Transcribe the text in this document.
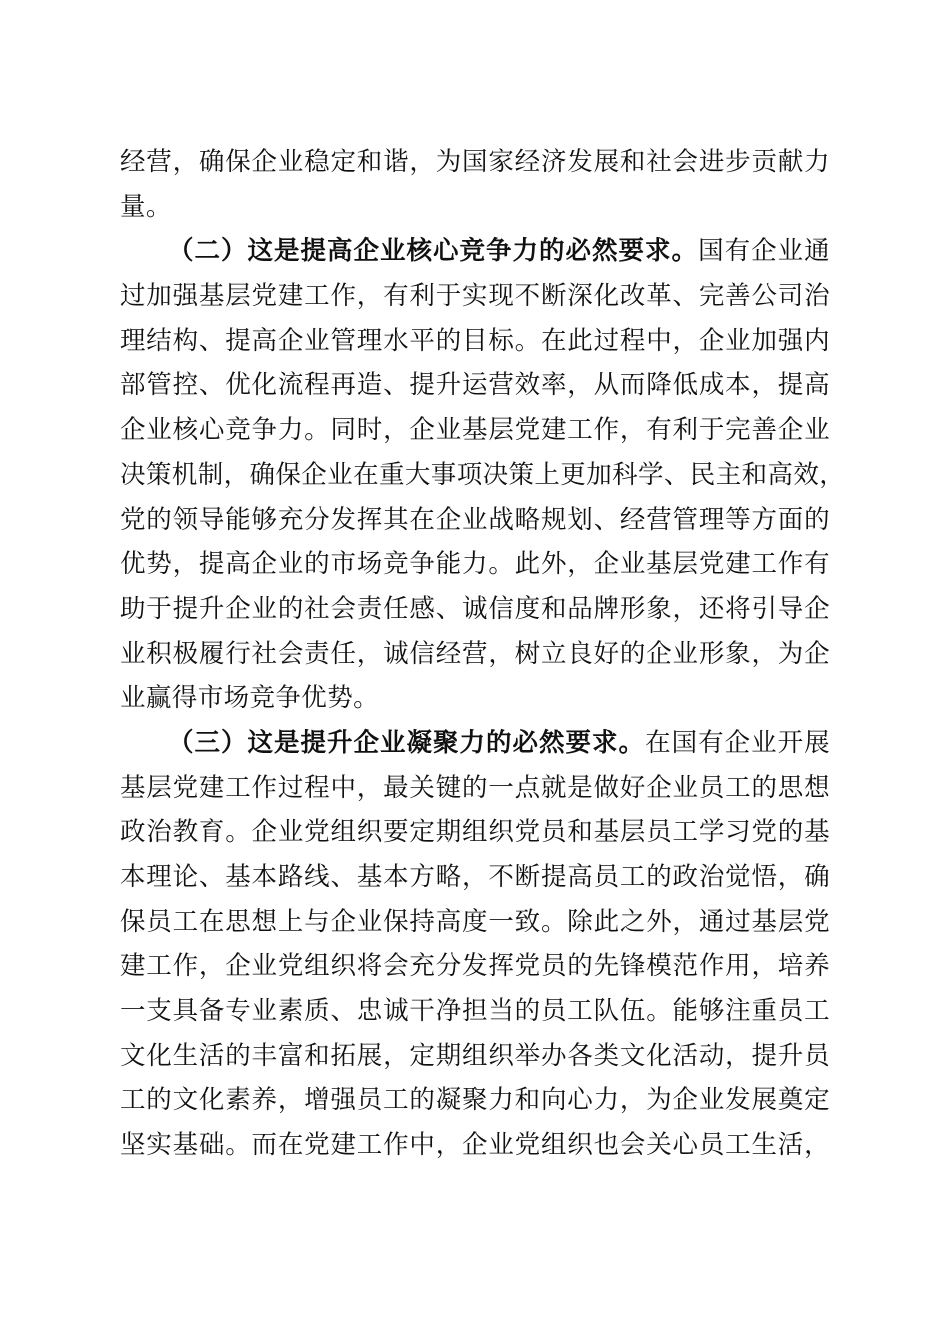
经营，确保企业稳定和谐，为国家经济发展和社会进步贡献力
量。
（二）这是提高企业核心竞争力的必然要求。国有企业通
过加强基层党建工作，有利于实现不断深化改革、完善公司治
理结构、提高企业管理水平的目标。在此过程中，企业加强内
部管控、优化流程再造、提升运营效率，从而降低成本，提高
企业核心竞争力。同时，企业基层党建工作，有利于完善企业
决策机制，确保企业在重大事项决策上更加科学、民主和高效，
党的领导能够充分发挥其在企业战略规划、经营管理等方面的
优势，提高企业的市场竞争能力。此外，企业基层党建工作有
助于提升企业的社会责任感、诚信度和品牌形象，还将引导企
业积极履行社会责任，诚信经营，树立良好的企业形象，为企
业赢得市场竞争优势。
（三）这是提升企业凝聚力的必然要求。在国有企业开展
基层党建工作过程中，最关键的一点就是做好企业员工的思想
政治教育。企业党组织要定期组织党员和基层员工学习党的基
本理论、基本路线、基本方略，不断提高员工的政治觉悟，确
保员工在思想上与企业保持高度一致。除此之外，通过基层党
建工作，企业党组织将会充分发挥党员的先锋模范作用，培养
一支具备专业素质、忠诚干净担当的员工队伍。能够注重员工
文化生活的丰富和拓展，定期组织举办各类文化活动，提升员
工的文化素养，增强员工的凝聚力和向心力，为企业发展奠定
坚实基础。而在党建工作中，企业党组织也会关心员工生活，
